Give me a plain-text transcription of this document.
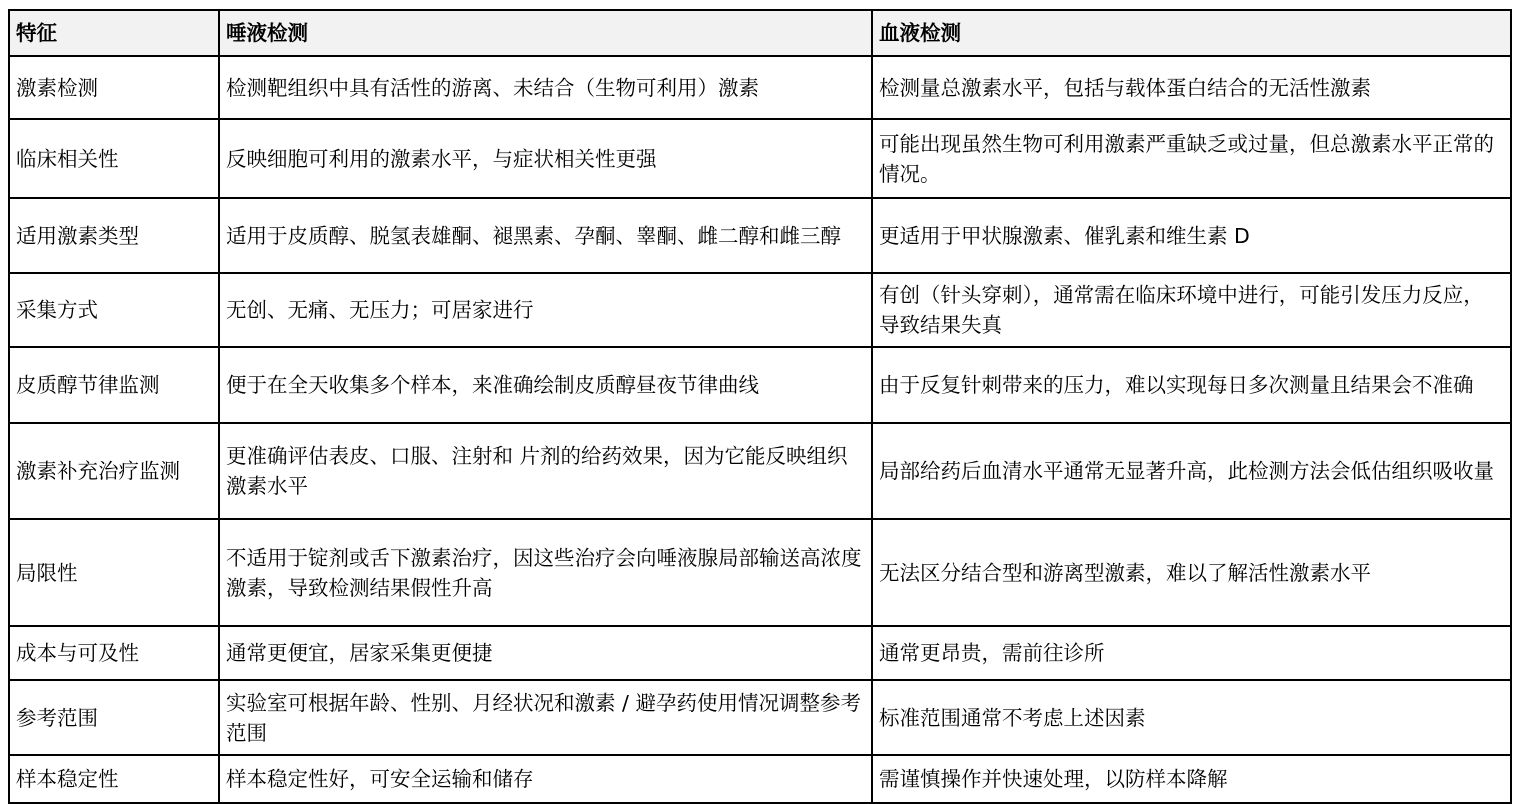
特征	唾液检测	血液检测
激素检测	检测靶组织中具有活性的游离、未结合（生物可利用）激素	检测量总激素水平，包括与载体蛋白结合的无活性激素
临床相关性	反映细胞可利用的激素水平，与症状相关性更强	可能出现虽然生物可利用激素严重缺乏或过量，但总激素水平正常的情况。
适用激素类型	适用于皮质醇、脱氢表雄酮、褪黑素、孕酮、睾酮、雌二醇和雌三醇	更适用于甲状腺激素、催乳素和维生素 D
采集方式	无创、无痛、无压力；可居家进行	有创（针头穿刺），通常需在临床环境中进行，可能引发压力反应，导致结果失真
皮质醇节律监测	便于在全天收集多个样本，来准确绘制皮质醇昼夜节律曲线	由于反复针刺带来的压力，难以实现每日多次测量且结果会不准确
激素补充治疗监测	更准确评估表皮、口服、注射和 片剂的给药效果，因为它能反映组织激素水平	局部给药后血清水平通常无显著升高，此检测方法会低估组织吸收量
局限性	不适用于锭剂或舌下激素治疗，因这些治疗会向唾液腺局部输送高浓度激素，导致检测结果假性升高	无法区分结合型和游离型激素，难以了解活性激素水平
成本与可及性	通常更便宜，居家采集更便捷	通常更昂贵，需前往诊所
参考范围	实验室可根据年龄、性别、月经状况和激素 / 避孕药使用情况调整参考范围	标准范围通常不考虑上述因素
样本稳定性	样本稳定性好，可安全运输和储存	需谨慎操作并快速处理，以防样本降解
